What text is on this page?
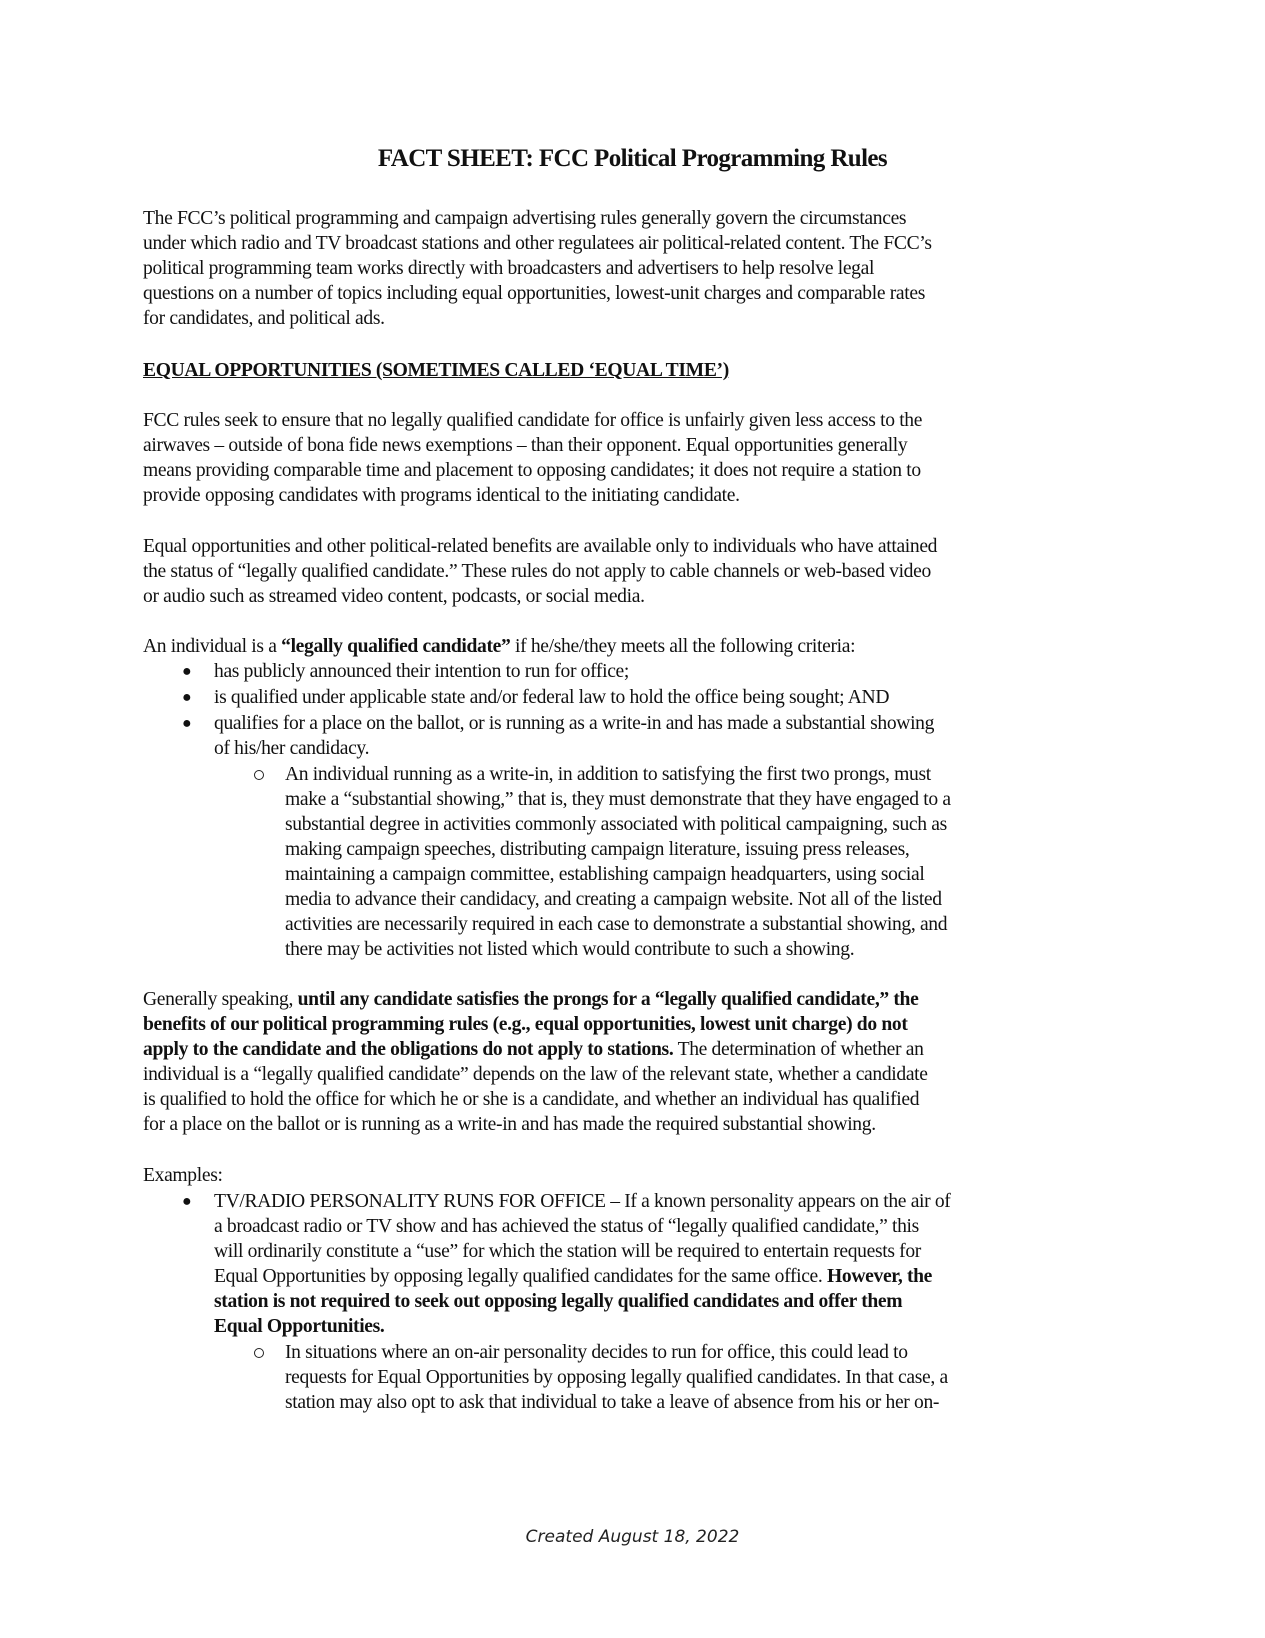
FACT SHEET: FCC Political Programming Rules
The FCC’s political programming and campaign advertising rules generally govern the circumstances
under which radio and TV broadcast stations and other regulatees air political-related content. The FCC’s
political programming team works directly with broadcasters and advertisers to help resolve legal
questions on a number of topics including equal opportunities, lowest-unit charges and comparable rates
for candidates, and political ads.
EQUAL OPPORTUNITIES (SOMETIMES CALLED ‘EQUAL TIME’)
FCC rules seek to ensure that no legally qualified candidate for office is unfairly given less access to the
airwaves – outside of bona fide news exemptions – than their opponent. Equal opportunities generally
means providing comparable time and placement to opposing candidates; it does not require a station to
provide opposing candidates with programs identical to the initiating candidate.
Equal opportunities and other political-related benefits are available only to individuals who have attained
the status of “legally qualified candidate.” These rules do not apply to cable channels or web-based video
or audio such as streamed video content, podcasts, or social media.
An individual is a “legally qualified candidate” if he/she/they meets all the following criteria:
● has publicly announced their intention to run for office;
● is qualified under applicable state and/or federal law to hold the office being sought; AND
● qualifies for a place on the ballot, or is running as a write-in and has made a substantial showing
of his/her candidacy.
An individual running as a write-in, in addition to satisfying the first two prongs, must
make a “substantial showing,” that is, they must demonstrate that they have engaged to a
substantial degree in activities commonly associated with political campaigning, such as
making campaign speeches, distributing campaign literature, issuing press releases,
maintaining a campaign committee, establishing campaign headquarters, using social
media to advance their candidacy, and creating a campaign website. Not all of the listed
activities are necessarily required in each case to demonstrate a substantial showing, and
there may be activities not listed which would contribute to such a showing.
Generally speaking, until any candidate satisfies the prongs for a “legally qualified candidate,” the
benefits of our political programming rules (e.g., equal opportunities, lowest unit charge) do not
apply to the candidate and the obligations do not apply to stations. The determination of whether an
individual is a “legally qualified candidate” depends on the law of the relevant state, whether a candidate
is qualified to hold the office for which he or she is a candidate, and whether an individual has qualified
for a place on the ballot or is running as a write-in and has made the required substantial showing.
Examples:
● TV/RADIO PERSONALITY RUNS FOR OFFICE – If a known personality appears on the air of
a broadcast radio or TV show and has achieved the status of “legally qualified candidate,” this
will ordinarily constitute a “use” for which the station will be required to entertain requests for
Equal Opportunities by opposing legally qualified candidates for the same office. However, the
station is not required to seek out opposing legally qualified candidates and offer them
Equal Opportunities.
In situations where an on-air personality decides to run for office, this could lead to
requests for Equal Opportunities by opposing legally qualified candidates. In that case, a
station may also opt to ask that individual to take a leave of absence from his or her on-
Created August 18, 2022
